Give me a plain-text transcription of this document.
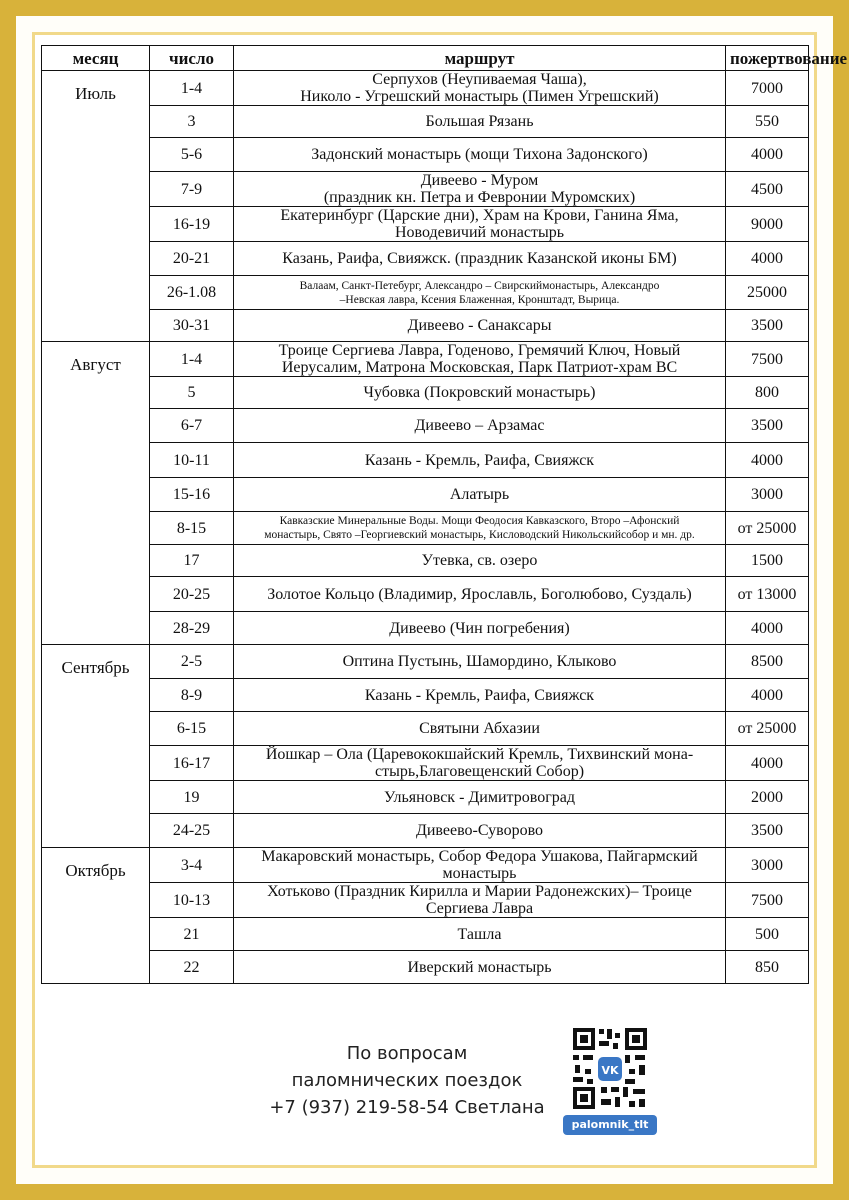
месяц	число	маршрут	пожертвование
Июль	1-4	Серпухов (Неупиваемая Чаша),
Николо - Угрешский монастырь (Пимен Угрешский)	7000
	3	Большая Рязань	550
	5-6	Задонский монастырь (мощи Тихона Задонского)	4000
	7-9	Дивеево - Муром
(праздник кн. Петра и Февронии Муромских)	4500
	16-19	Екатеринбург (Царские дни), Храм на Крови, Ганина Яма,
Новодевичий монастырь	9000
	20-21	Казань, Раифа, Свияжск. (праздник Казанской иконы БМ)	4000
	26-1.08	Валаам, Санкт-Петебург, Александро – Свирскиймонастырь, Александро
–Невская лавра, Ксения Блаженная, Кронштадт, Вырица.	25000
	30-31	Дивеево - Санаксары	3500
Август	1-4	Троице Сергиева Лавра, Годеново, Гремячий Ключ, Новый
Иерусалим, Матрона Московская, Парк Патриот-храм ВС	7500
	5	Чубовка (Покровский монастырь)	800
	6-7	Дивеево – Арзамас	3500
	10-11	Казань - Кремль, Раифа, Свияжск	4000
	15-16	Алатырь	3000
	8-15	Кавказские Минеральные Воды. Мощи Феодосия Кавказского, Второ –Афонский
монастырь, Свято –Георгиевский монастырь, Кисловодский Никольскийсобор и мн. др.	от 25000
	17	Утевка, св. озеро	1500
	20-25	Золотое Кольцо (Владимир, Ярославль, Боголюбово, Суздаль)	от 13000
	28-29	Дивеево (Чин погребения)	4000
Сентябрь	2-5	Оптина Пустынь, Шамордино, Клыково	8500
	8-9	Казань - Кремль, Раифа, Свияжск	4000
	6-15	Святыни Абхазии	от 25000
	16-17	Йошкар – Ола (Царевококшайский Кремль, Тихвинский мона-
стырь,Благовещенский Собор)	4000
	19	Ульяновск - Димитровоград	2000
	24-25	Дивеево-Суворово	3500
Октябрь	3-4	Макаровский монастырь, Собор Федора Ушакова, Пайгармский
монастырь	3000
	10-13	Хотьково (Праздник Кирилла и Марии Радонежских)– Троице
Сергиева Лавра	7500
	21	Ташла	500
	22	Иверский монастырь	850
По вопросам
паломнических поездок
+7 (937) 219-58-54 Светлана
VK
palomnik_tlt
